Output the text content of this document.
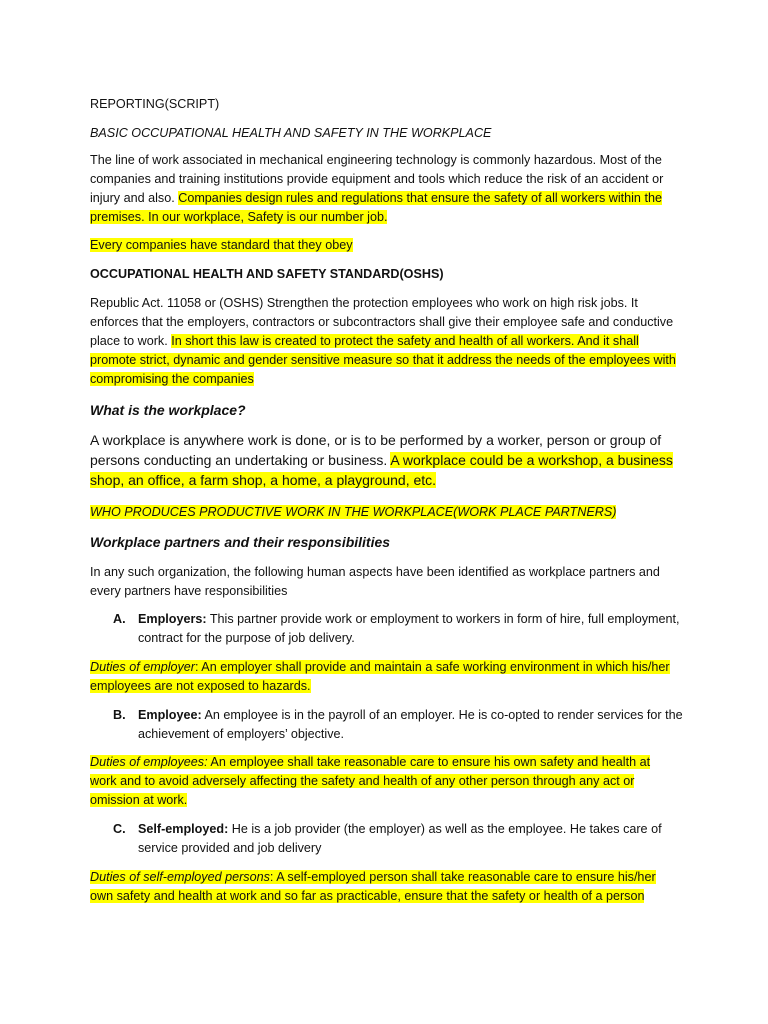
REPORTING(SCRIPT)

BASIC OCCUPATIONAL HEALTH AND SAFETY IN THE WORKPLACE

The line of work associated in mechanical engineering technology is commonly hazardous. Most of the companies and training institutions provide equipment and tools which reduce the risk of an accident or injury and also. Companies design rules and regulations that ensure the safety of all workers within the premises. In our workplace, Safety is our number job.

Every companies have standard that they obey

OCCUPATIONAL HEALTH AND SAFETY STANDARD(OSHS)

Republic Act. 11058 or (OSHS) Strengthen the protection employees who work on high risk jobs. It enforces that the employers, contractors or subcontractors shall give their employee safe and conductive place to work. In short this law is created to protect the safety and health of all workers. And it shall promote strict, dynamic and gender sensitive measure so that it address the needs of the employees with compromising the companies

What is the workplace?

A workplace is anywhere work is done, or is to be performed by a worker, person or group of persons conducting an undertaking or business. A workplace could be a workshop, a business shop, an office, a farm shop, a home, a playground, etc.

WHO PRODUCES PRODUCTIVE WORK IN THE WORKPLACE(WORK PLACE PARTNERS)

Workplace partners and their responsibilities

In any such organization, the following human aspects have been identified as workplace partners and every partners have responsibilities

A. Employers: This partner provide work or employment to workers in form of hire, full employment, contract for the purpose of job delivery.

Duties of employer: An employer shall provide and maintain a safe working environment in which his/her employees are not exposed to hazards.

B. Employee: An employee is in the payroll of an employer. He is co-opted to render services for the achievement of employers’ objective.

Duties of employees: An employee shall take reasonable care to ensure his own safety and health at work and to avoid adversely affecting the safety and health of any other person through any act or omission at work.

C. Self-employed: He is a job provider (the employer) as well as the employee. He takes care of service provided and job delivery

Duties of self-employed persons: A self-employed person shall take reasonable care to ensure his/her own safety and health at work and so far as practicable, ensure that the safety or health of a person
